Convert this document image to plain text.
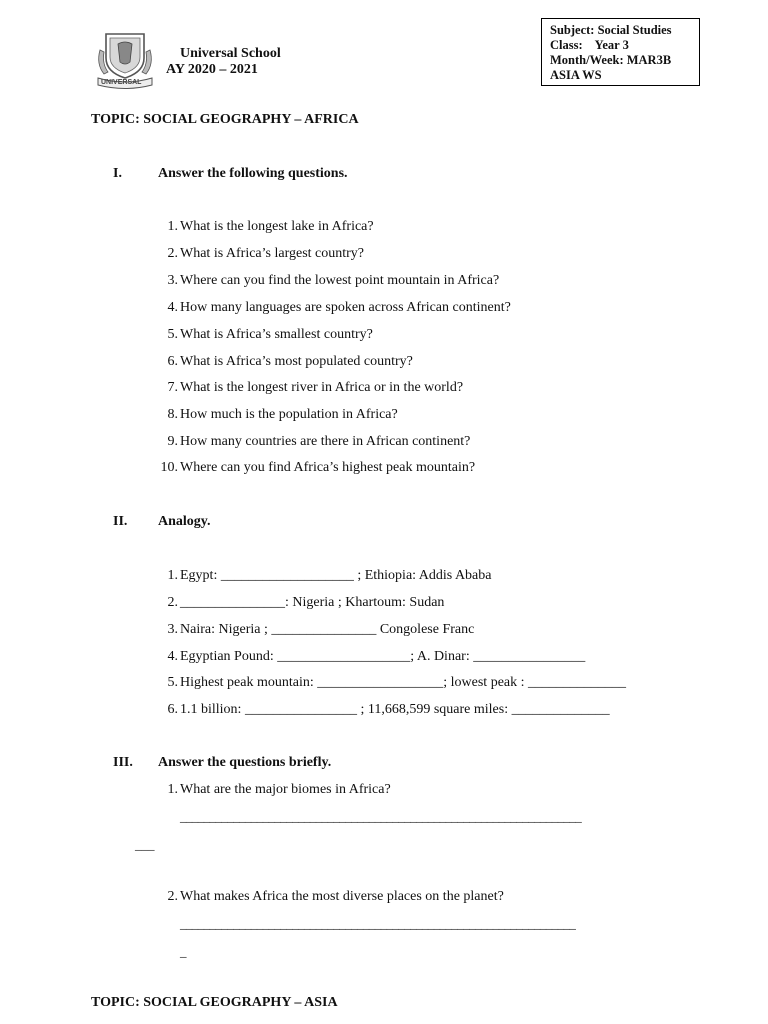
UNIVERSAL
Universal School
AY 2020 – 2021
Subject: Social Studies
Class:    Year 3
Month/Week: MAR3B
ASIA WS
TOPIC: SOCIAL GEOGRAPHY – AFRICA
I.	Answer the following questions.
1. What is the longest lake in Africa?
2. What is Africa’s largest country?
3. Where can you find the lowest point mountain in Africa?
4. How many languages are spoken across African continent?
5. What is Africa’s smallest country?
6. What is Africa’s most populated country?
7. What is the longest river in Africa or in the world?
8. How much is the population in Africa?
9. How many countries are there in African continent?
10. Where can you find Africa’s highest peak mountain?
II. Analogy.
1. Egypt: ___________________ ; Ethiopia: Addis Ababa
2. _______________: Nigeria ; Khartoum: Sudan
3. Naira: Nigeria ; _______________ Congolese Franc
4. Egyptian Pound: ___________________; A. Dinar: ________________
5. Highest peak mountain: __________________; lowest peak : ______________
6. 1.1 billion: ________________ ; 11,668,599 square miles: ______________
III. Answer the questions briefly.
1. What are the major biomes in Africa?
____________________________________________________________________
___
2. What makes Africa the most diverse places on the planet?
___________________________________________________________________
_
TOPIC: SOCIAL GEOGRAPHY – ASIA
